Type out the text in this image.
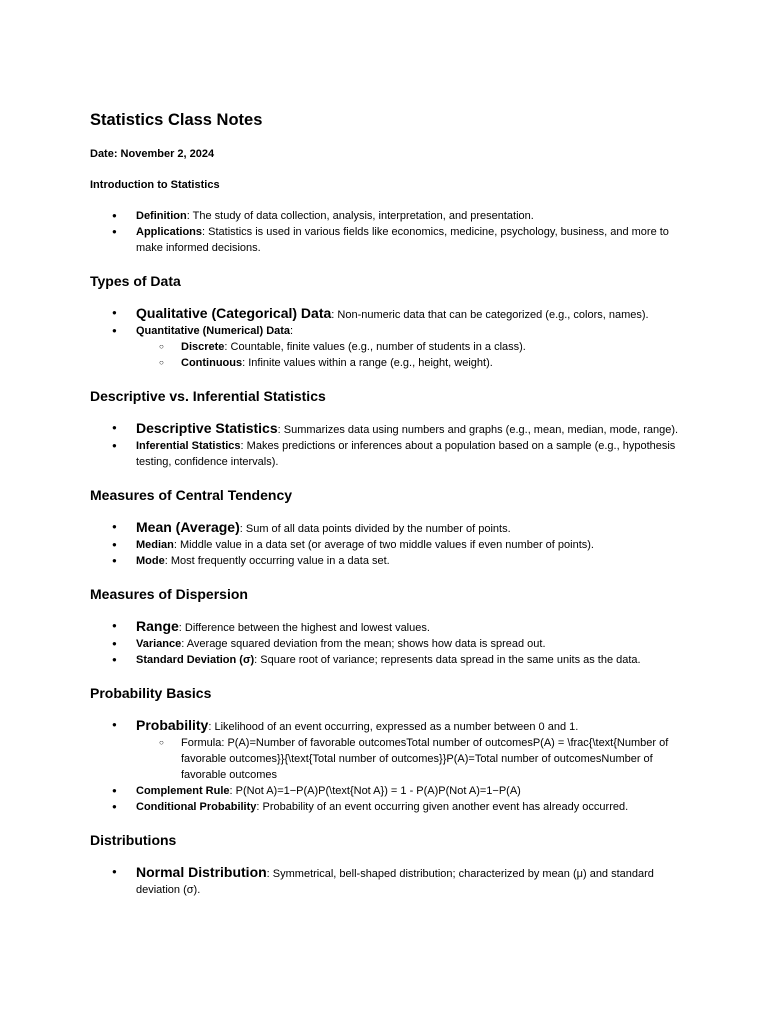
Statistics Class Notes
Date: November 2, 2024
Introduction to Statistics
● Definition: The study of data collection, analysis, interpretation, and presentation.
● Applications: Statistics is used in various fields like economics, medicine, psychology, business, and more to make informed decisions.
Types of Data
● Qualitative (Categorical) Data: Non-numeric data that can be categorized (e.g., colors, names).
● Quantitative (Numerical) Data:
○ Discrete: Countable, finite values (e.g., number of students in a class).
○ Continuous: Infinite values within a range (e.g., height, weight).
Descriptive vs. Inferential Statistics
● Descriptive Statistics: Summarizes data using numbers and graphs (e.g., mean, median, mode, range).
● Inferential Statistics: Makes predictions or inferences about a population based on a sample (e.g., hypothesis testing, confidence intervals).
Measures of Central Tendency
● Mean (Average): Sum of all data points divided by the number of points.
● Median: Middle value in a data set (or average of two middle values if even number of points).
● Mode: Most frequently occurring value in a data set.
Measures of Dispersion
● Range: Difference between the highest and lowest values.
● Variance: Average squared deviation from the mean; shows how data is spread out.
● Standard Deviation (σ): Square root of variance; represents data spread in the same units as the data.
Probability Basics
● Probability: Likelihood of an event occurring, expressed as a number between 0 and 1.
○ Formula: P(A)=Number of favorable outcomesTotal number of outcomesP(A) = \frac{\text{Number of favorable outcomes}}{\text{Total number of outcomes}}P(A)=Total number of outcomesNumber of favorable outcomes
● Complement Rule: P(Not A)=1−P(A)P(\text{Not A}) = 1 - P(A)P(Not A)=1−P(A)
● Conditional Probability: Probability of an event occurring given another event has already occurred.
Distributions
● Normal Distribution: Symmetrical, bell-shaped distribution; characterized by mean (μ) and standard deviation (σ).
